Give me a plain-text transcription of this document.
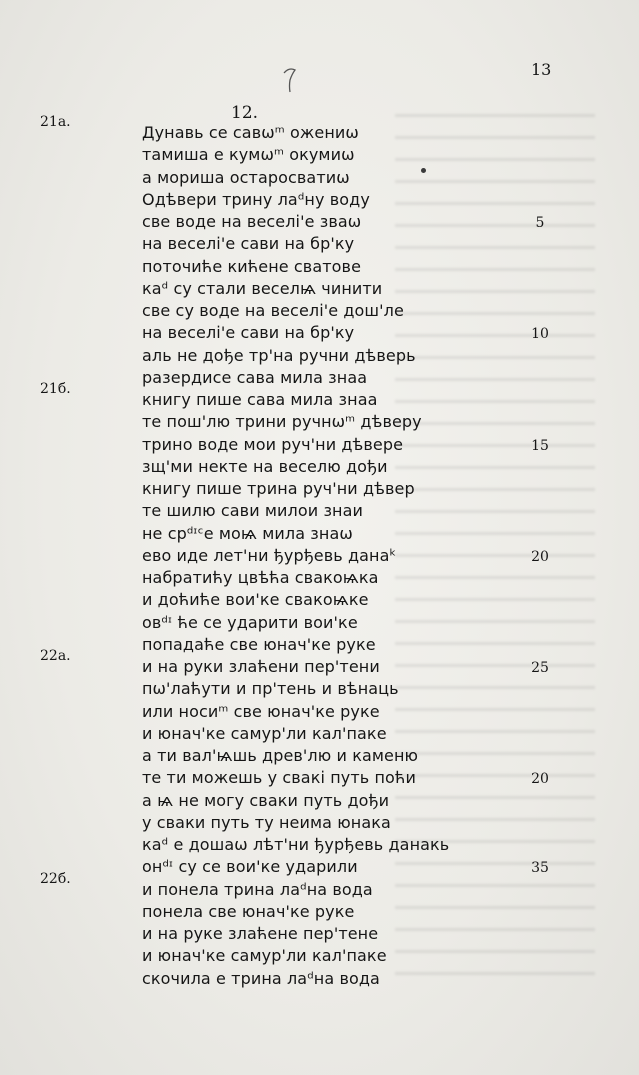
13
12.
Дунавь се савѡᵐ ожениѡ
тамиша е кумѡᵐ окумиѡ
а мориша остаросватиѡ
Одѣвери трину лаᵈну воду
све воде на веселі'е зваѡ
на веселі'е сави на бр'ку
поточиће кићене сватове
каᵈ су стали веселѩ чинити
све су воде на веселі'е дош'ле
на веселі'е сави на бр'ку
аль не дође тр'на ручни дѣверь
разердисе сава мила знаа
книгу пише сава мила знаа
те пош'лю трини ручнѡᵐ дѣверу
трино воде мои руч'ни дѣвере
зщ'ми некте на веселю дођи
книгу пише трина руч'ни дѣвер
те шилю сави милои знаи
не срᵈᶦᶜе моѩ мила знаѡ
ево иде лет'ни ђурђевь данаᵏ
набратићу цвѣћа свакоѩка
и доћиће вои'ке свакоѩке
овᵈᶦ ће се ударити вои'ке
попадаће све юнач'ке руке
и на руки злаћени пер'тени
пѡ'лаћути и пр'тень и вѣнаць
или носиᵐ све юнач'ке руке
и юнач'ке самур'ли кал'паке
а ти вал'ѩшь древ'лю и каменю
те ти можешь у свакі путь поћи
а ѩ не могу сваки путь дођи
у сваки путь ту неима юнака
каᵈ е дошаѡ лѣт'ни ђурђевь данакь
онᵈᶦ су се вои'ке ударили
и понела трина лаᵈна вода
понела све юнач'ке руке
и на руке злаћене пер'тене
и юнач'ке самур'ли кал'паке
скочила е трина лаᵈна вода
21a.
21б.
22a.
22б.
5
10
15
20
25
20
35
